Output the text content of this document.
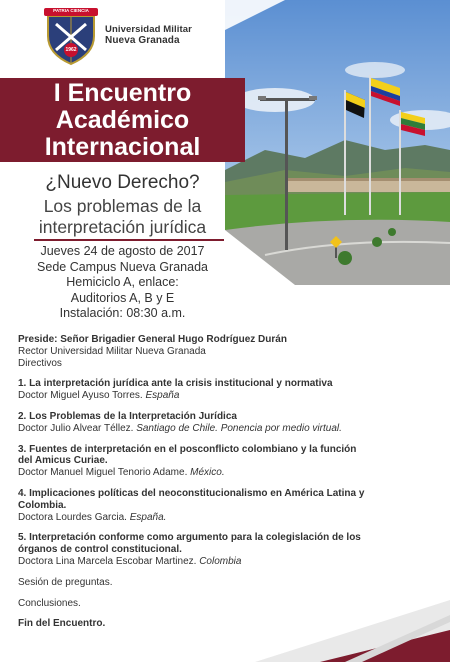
PATRIA CIENCIA
1962
Universidad Militar
Nueva Granada
I Encuentro
Académico
Internacional
¿Nuevo Derecho?
Los problemas de la
interpretación jurídica
Jueves 24 de agosto de 2017
Sede Campus Nueva Granada
Hemiciclo A, enlace:
Auditorios A, B y E
Instalación: 08:30 a.m.
Preside: Señor Brigadier General Hugo Rodríguez Durán
Rector Universidad Militar Nueva Granada
Directivos
1. La interpretación jurídica ante la crisis institucional y normativa
Doctor Miguel Ayuso Torres. España
2. Los Problemas de la Interpretación Jurídica
Doctor Julio Alvear Téllez. Santiago de Chile. Ponencia por medio virtual.
3. Fuentes de interpretación en el posconflicto colombiano y la función
del Amicus Curiae.
Doctor Manuel Miguel Tenorio Adame. México.
4. Implicaciones políticas del neoconstitucionalismo en América Latina y
Colombia.
Doctora Lourdes Garcia. España.
5. Interpretación conforme como argumento para la colegislación de los
órganos de control constitucional.
Doctora Lina Marcela Escobar Martinez. Colombia
Sesión de preguntas.
Conclusiones.
Fin del Encuentro.
